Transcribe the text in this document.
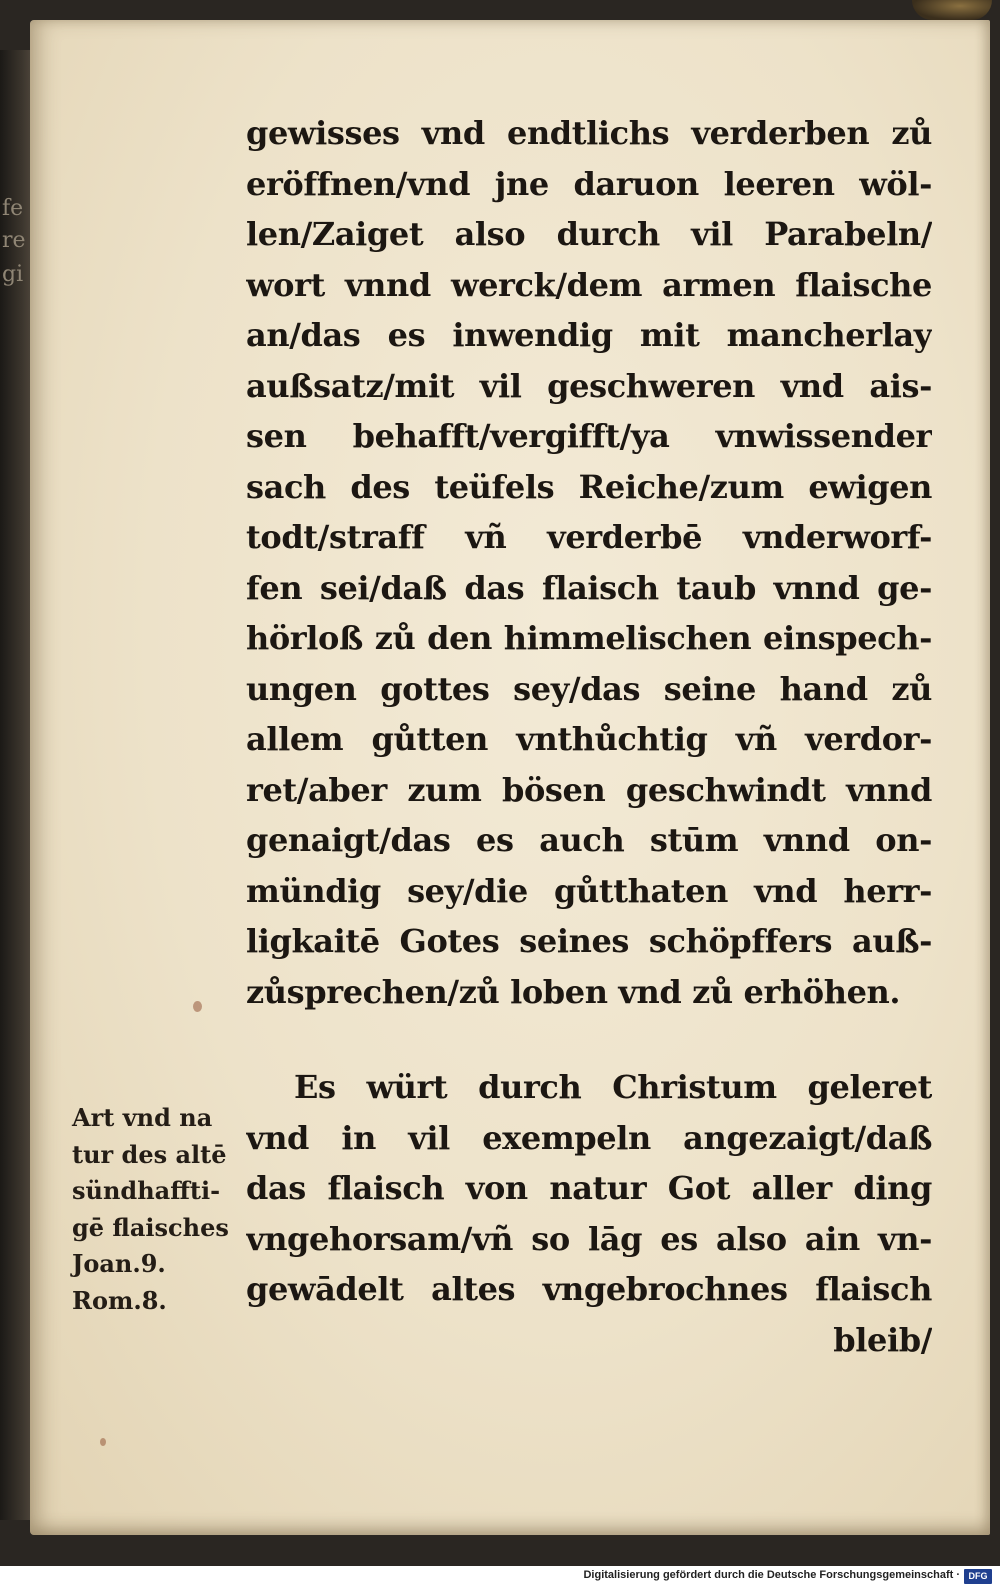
fe
re
gi
gewisses vnd endtlichs verderben zů
eröffnen/vnd jne daruon leeren wöl-
len/Zaiget also durch vil Parabeln/
wort vnnd werck/dem armen flaische
an/das es inwendig mit mancherlay
außsatz/mit vil geschweren vnd ais-
sen behafft/vergifft/ya vnwissender
sach des teüfels Reiche/zum ewigen
todt/straff vñ verderbē vnderworf-
fen sei/daß das flaisch taub vnnd ge-
hörloß zů den himmelischen einspech-
ungen gottes sey/das seine hand zů
allem gůtten vnthůchtig vñ verdor-
ret/aber zum bösen geschwindt vnnd
genaigt/das es auch stūm vnnd on-
mündig sey/die gůtthaten vnd herr-
ligkaitē Gotes seines schöpffers auß-
zůsprechen/zů loben vnd zů erhöhen.
Es würt durch Christum geleret
vnd in vil exempeln angezaigt/daß
das flaisch von natur Got aller ding
vngehorsam/vñ so lāg es also ain vn-
gewādelt altes vngebrochnes flaisch
bleib/
Art vnd na
tur des altē
sündhaffti-
gē flaisches
Joan.9.
Rom.8.
Digitalisierung gefördert durch die Deutsche Forschungsgemeinschaft · DFG
